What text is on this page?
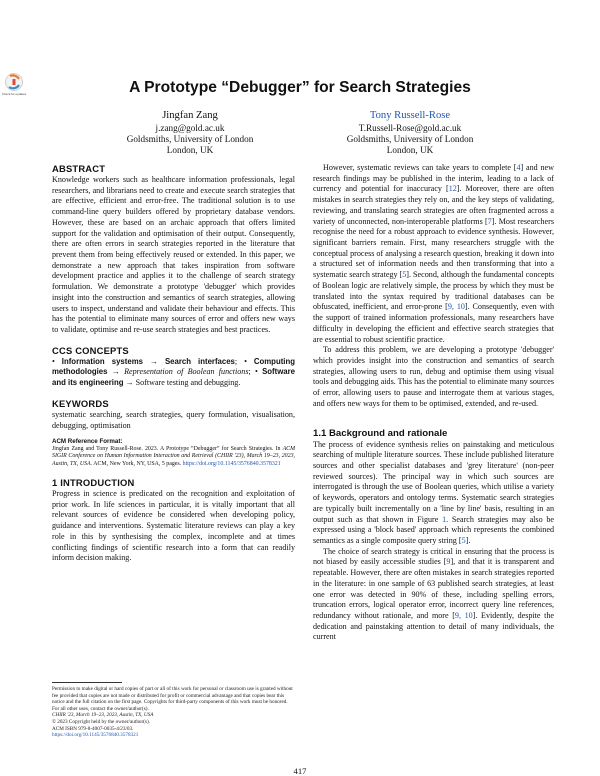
Check for updates	A Prototype “Debugger” for Search Strategies
Jingfan Zang
j.zang@gold.ac.uk
Goldsmiths, University of London
London, UK
Tony Russell-Rose
T.Russell-Rose@gold.ac.uk
Goldsmiths, University of London
London, UK
ABSTRACT

Knowledge workers such as healthcare information professionals, legal researchers, and librarians need to create and execute search strategies that are effective, efficient and error-free. The traditional solution is to use command-line query builders offered by proprietary database vendors. However, these are based on an archaic approach that offers limited support for the validation and optimisation of their output. Consequently, there are often errors in search strategies reported in the literature that prevent them from being effectively reused or extended. In this paper, we demonstrate a new approach that takes inspiration from software development practice and applies it to the challenge of search strategy formulation. We demonstrate a prototype 'debugger' which provides insight into the construction and semantics of search strategies, allowing users to inspect, understand and validate their behaviour and effects. This has the potential to eliminate many sources of error and offers new ways to validate, optimise and re-use search strategies and best practices.

CCS CONCEPTS

• Information systems → Search interfaces; • Computing methodologies → Representation of Boolean functions; • Software and its engineering → Software testing and debugging.

KEYWORDS

systematic searching, search strategies, query formulation, visualisation, debugging, optimisation

ACM Reference Format:

Jingfan Zang and Tony Russell-Rose. 2023. A Prototype “Debugger” for Search Strategies. In ACM SIGIR Conference on Human Information Interaction and Retrieval (CHIIR '23), March 19–23, 2023, Austin, TX, USA. ACM, New York, NY, USA, 5 pages. https://doi.org/10.1145/3576840.3578321

1 INTRODUCTION

Progress in science is predicated on the recognition and exploitation of prior work. In life sciences in particular, it is vitally important that all relevant sources of evidence be considered when developing policy, guidance and interventions. Systematic literature reviews can play a key role in this by synthesising the complex, incomplete and at times conflicting findings of scientific research into a form that can readily inform decision making.

Permission to make digital or hard copies of part or all of this work for personal or classroom use is granted without fee provided that copies are not made or distributed for profit or commercial advantage and that copies bear this notice and the full citation on the first page. Copyrights for third-party components of this work must be honored. For all other uses, contact the owner/author(s).
CHIIR '23, March 19–23, 2023, Austin, TX, USA
© 2023 Copyright held by the owner/author(s).
ACM ISBN 979-8-4007-0035-4/23/03.
https://doi.org/10.1145/3576840.3578321

However, systematic reviews can take years to complete [4] and new research findings may be published in the interim, leading to a lack of currency and potential for inaccuracy [12]. Moreover, there are often mistakes in search strategies they rely on, and the key steps of validating, reviewing, and translating search strategies are often fragmented across a variety of unconnected, non-interoperable platforms [7]. Most researchers recognise the need for a robust approach to evidence synthesis. However, significant barriers remain. First, many researchers struggle with the conceptual process of analysing a research question, breaking it down into a structured set of information needs and then transforming that into a systematic search strategy [5]. Second, although the fundamental concepts of Boolean logic are relatively simple, the process by which they must be translated into the syntax required by traditional databases can be obfuscated, inefficient, and error-prone [9, 10]. Consequently, even with the support of trained information professionals, many researchers have difficulty in developing the efficient and effective search strategies that are essential to robust scientific practice.

To address this problem, we are developing a prototype 'debugger' which provides insight into the construction and semantics of search strategies, allowing users to run, debug and optimise them using visual tools and debugging aids. This has the potential to eliminate many sources of error, allowing users to pause and interrogate them at various stages, and offers new ways for them to be optimised, extended, and re-used.

1.1 Background and rationale

The process of evidence synthesis relies on painstaking and meticulous searching of multiple literature sources. These include published literature sources and other specialist databases and 'grey literature' (non-peer reviewed sources). The principal way in which such sources are interrogated is through the use of Boolean queries, which utilise a variety of keywords, operators and ontology terms. Systematic search strategies are typically built incrementally on a 'line by line' basis, resulting in an output such as that shown in Figure 1. Search strategies may also be expressed using a 'block based' approach which represents the combined semantics as a single composite query string [5].

The choice of search strategy is critical in ensuring that the process is not biased by easily accessible studies [9], and that it is transparent and repeatable. However, there are often mistakes in search strategies reported in the literature: in one sample of 63 published search strategies, at least one error was detected in 90% of these, including spelling errors, truncation errors, logical operator error, incorrect query line references, redundancy without rationale, and more [9, 10]. Evidently, despite the dedication and painstaking attention to detail of many individuals, the current

417
